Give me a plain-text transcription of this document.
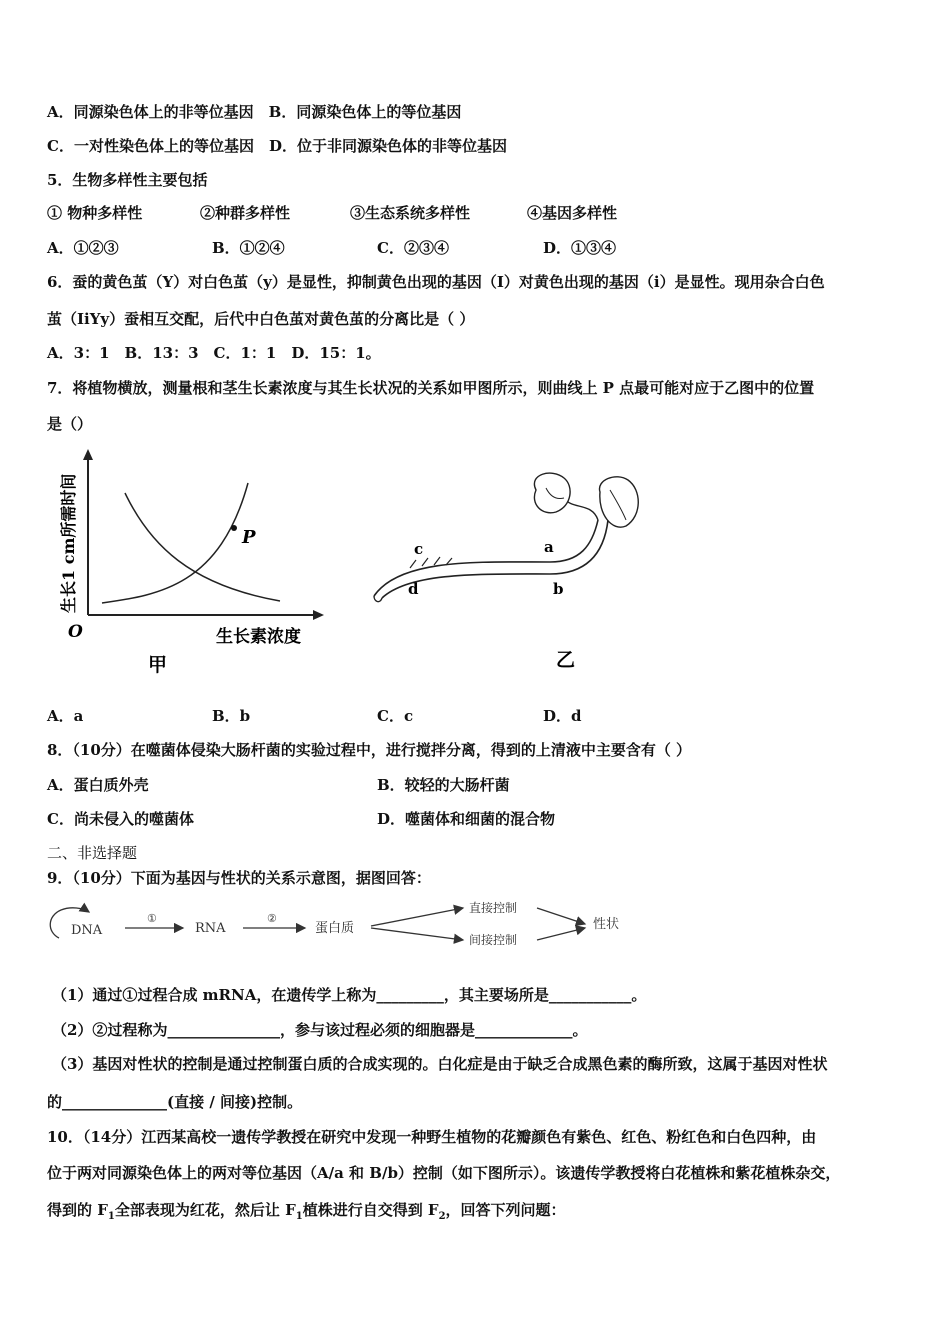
A．同源染色体上的非等位基因　B．同源染色体上的等位基因
C．一对性染色体上的等位基因　D．位于非同源染色体的非等位基因
5．生物多样性主要包括
① 物种多样性	②种群多样性	③生态系统多样性	④基因多样性
A．①②③	B．①②④	C．②③④	D．①③④
6．蚕的黄色茧（Y）对白色茧（y）是显性，抑制黄色出现的基因（I）对黄色出现的基因（i）是显性。现用杂合白色
茧（IiYy）蚕相互交配，后代中白色茧对黄色茧的分离比是（ ）
A．3：1　B．13：3　C．1：1　D．15：1。
7．将植物横放，测量根和茎生长素浓度与其生长状况的关系如甲图所示，则曲线上 P 点最可能对应于乙图中的位置
是（）
P
O	生长素浓度
生长1 cm所需时间
甲
a
b
c
d
乙
A．a	B．b	C．c	D．d
8．（10分）在噬菌体侵染大肠杆菌的实验过程中，进行搅拌分离，得到的上清液中主要含有（ ）
A．蛋白质外壳	B．较轻的大肠杆菌
C．尚未侵入的噬菌体	D．噬菌体和细菌的混合物
二、非选择题
9．（10分）下面为基因与性状的关系示意图，据图回答：
DNA
①
RNA
②
蛋白质
直接控制
间接控制
性状
（1）通过①过程合成 mRNA，在遗传学上称为_________，其主要场所是___________。
（2）②过程称为_______________，参与该过程必须的细胞器是_____________。
（3）基因对性状的控制是通过控制蛋白质的合成实现的。白化症是由于缺乏合成黑色素的酶所致，这属于基因对性状
的______________(直接 / 间接)控制。
10．（14分）江西某高校一遗传学教授在研究中发现一种野生植物的花瓣颜色有紫色、红色、粉红色和白色四种，由
位于两对同源染色体上的两对等位基因（A/a 和 B/b）控制（如下图所示）。该遗传学教授将白花植株和紫花植株杂交，
得到的 $F_1$全部表现为红花，然后让 $F_1$植株进行自交得到 $F_2$，回答下列问题：
